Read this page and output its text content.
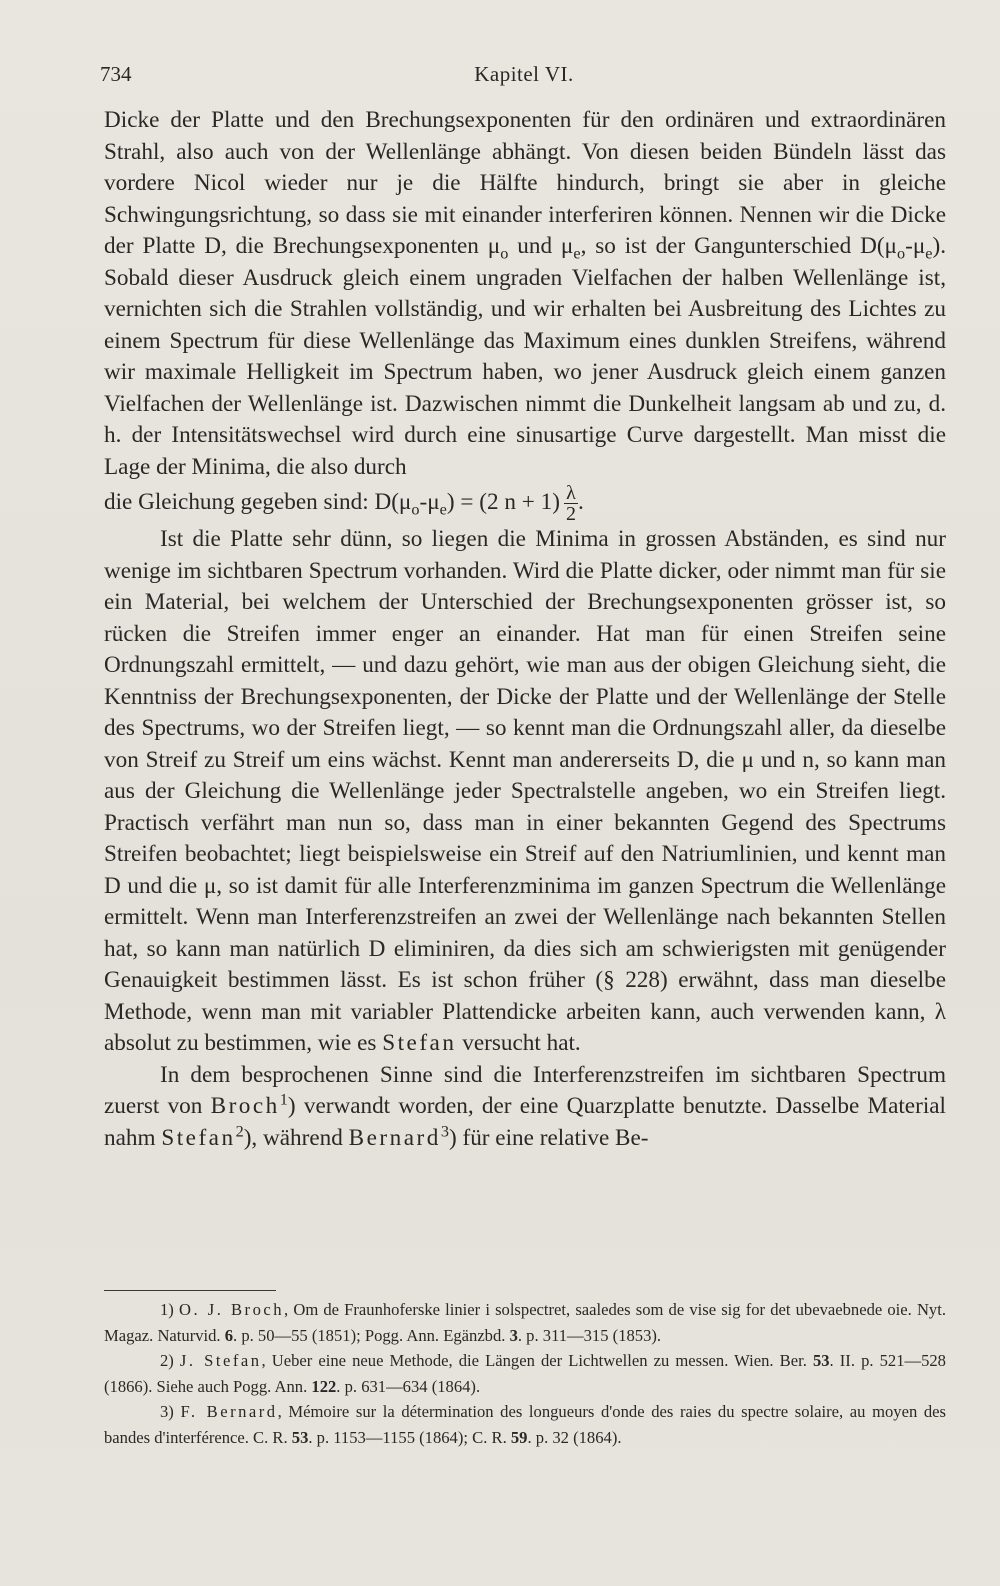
734	Kapitel VI.

Dicke der Platte und den Brechungsexponenten für den ordinären und extraordinären Strahl, also auch von der Wellenlänge abhängt. Von diesen beiden Bündeln lässt das vordere Nicol wieder nur je die Hälfte hindurch, bringt sie aber in gleiche Schwingungsrichtung, so dass sie mit einander interferiren können. Nennen wir die Dicke der Platte D, die Brechungsexponenten $\mu_o$ und $\mu_e$, so ist der Gangunterschied $D(\mu_o-\mu_e)$. Sobald dieser Ausdruck gleich einem ungraden Vielfachen der halben Wellenlänge ist, vernichten sich die Strahlen vollständig, und wir erhalten bei Ausbreitung des Lichtes zu einem Spectrum für diese Wellenlänge das Maximum eines dunklen Streifens, während wir maximale Helligkeit im Spectrum haben, wo jener Ausdruck gleich einem ganzen Vielfachen der Wellenlänge ist. Dazwischen nimmt die Dunkelheit langsam ab und zu, d. h. der Intensitätswechsel wird durch eine sinusartige Curve dargestellt. Man misst die Lage der Minima, die also durch

die Gleichung gegeben sind: $D(\mu_o-\mu_e) = (2$ $n + 1) \frac{\lambda}{2}$ .

Ist die Platte sehr dünn, so liegen die Minima in grossen Abständen, es sind nur wenige im sichtbaren Spectrum vorhanden. Wird die Platte dicker, oder nimmt man für sie ein Material, bei welchem der Unterschied der Brechungsexponenten grösser ist, so rücken die Streifen immer enger an einander. Hat man für einen Streifen seine Ordnungszahl ermittelt, — und dazu gehört, wie man aus der obigen Gleichung sieht, die Kenntniss der Brechungsexponenten, der Dicke der Platte und der Wellenlänge der Stelle des Spectrums, wo der Streifen liegt, — so kennt man die Ordnungszahl aller, da dieselbe von Streif zu Streif um eins wächst. Kennt man andererseits D, die μ und n, so kann man aus der Gleichung die Wellenlänge jeder Spectralstelle angeben, wo ein Streifen liegt. Practisch verfährt man nun so, dass man in einer bekannten Gegend des Spectrums Streifen beobachtet; liegt beispielsweise ein Streif auf den Natriumlinien, und kennt man D und die μ, so ist damit für alle Interferenzminima im ganzen Spectrum die Wellenlänge ermittelt. Wenn man Interferenzstreifen an zwei der Wellenlänge nach bekannten Stellen hat, so kann man natürlich D eliminiren, da dies sich am schwierigsten mit genügender Genauigkeit bestimmen lässt. Es ist schon früher (§ 228) erwähnt, dass man dieselbe Methode, wenn man mit variabler Plattendicke arbeiten kann, auch verwenden kann, λ absolut zu bestimmen, wie es Stefan versucht hat.

In dem besprochenen Sinne sind die Interferenzstreifen im sichtbaren Spectrum zuerst von Broch$^1$) verwandt worden, der eine Quarzplatte benutzte. Dasselbe Material nahm Stefan$^2$), während Bernard$^3$) für eine relative Be-

1) O. J. Broch, Om de Fraunhoferske linier i solspectret, saaledes som de vise sig for det ubevaebnede oie. Nyt. Magaz. Naturvid. 6. p. 50—55 (1851); Pogg. Ann. Egänzbd. 3. p. 311—315 (1853).

2) J. Stefan, Ueber eine neue Methode, die Längen der Lichtwellen zu messen. Wien. Ber. 53. II. p. 521—528 (1866). Siehe auch Pogg. Ann. 122. p. 631—634 (1864).

3) F. Bernard, Mémoire sur la détermination des longueurs d'onde des raies du spectre solaire, au moyen des bandes d'interférence. C. R. 53. p. 1153—1155 (1864); C. R. 59. p. 32 (1864).
